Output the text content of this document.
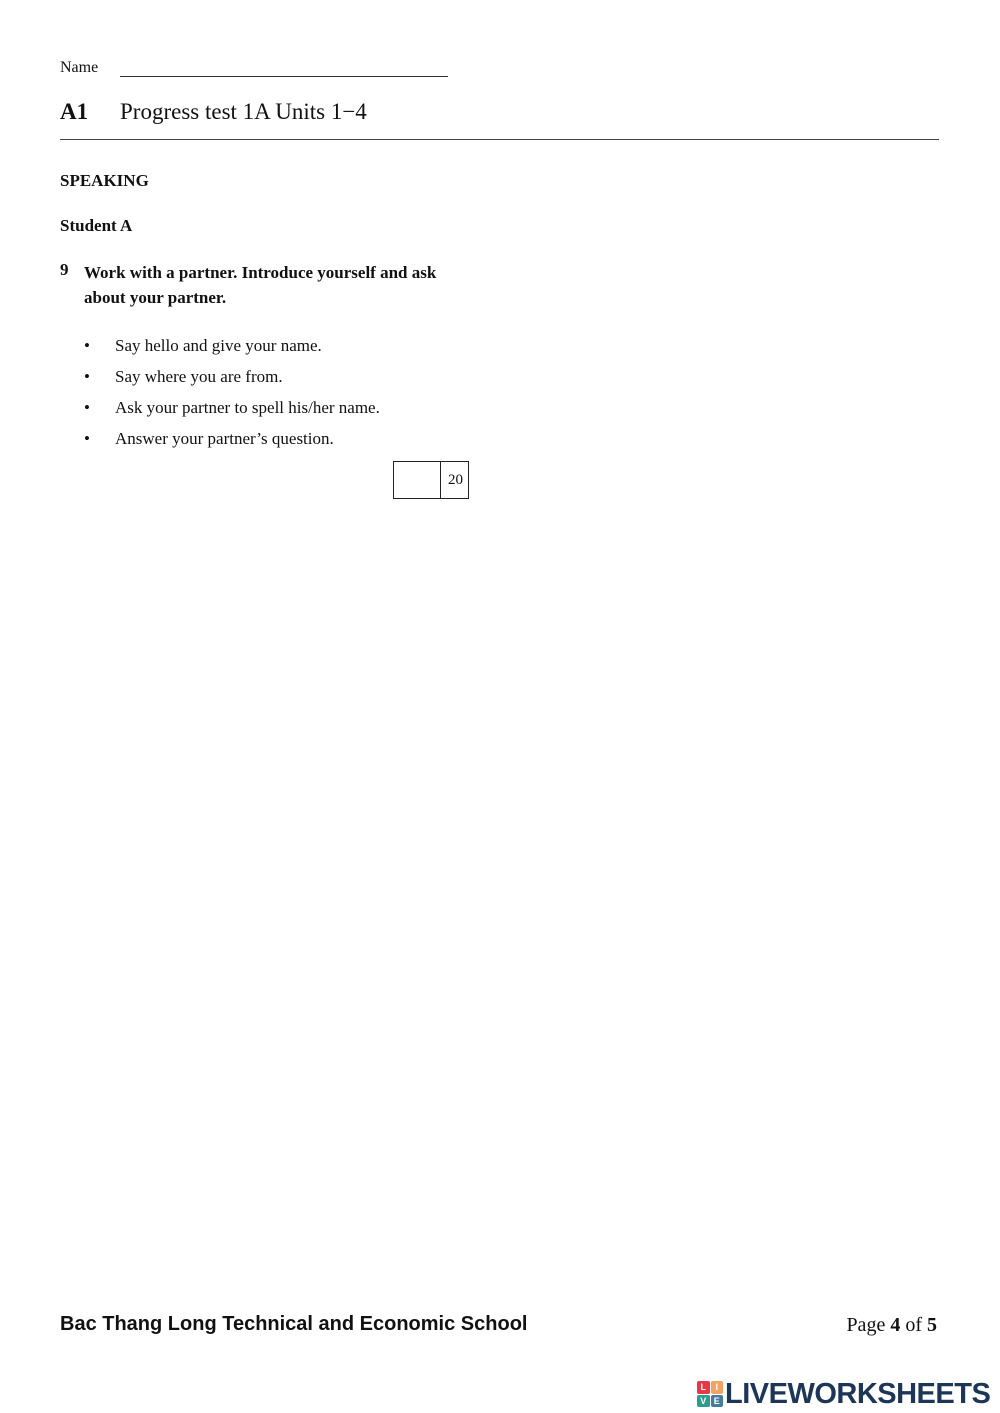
Name
A1 Progress test 1A Units 1−4
SPEAKING
Student A
9 Work with a partner. Introduce yourself and ask about your partner.
• Say hello and give your name.
• Say where you are from.
• Ask your partner to spell his/her name.
• Answer your partner’s question.
20
Bac Thang Long Technical and Economic School	Page 4 of 5
L	I
V E LIVEWORKSHEETS
